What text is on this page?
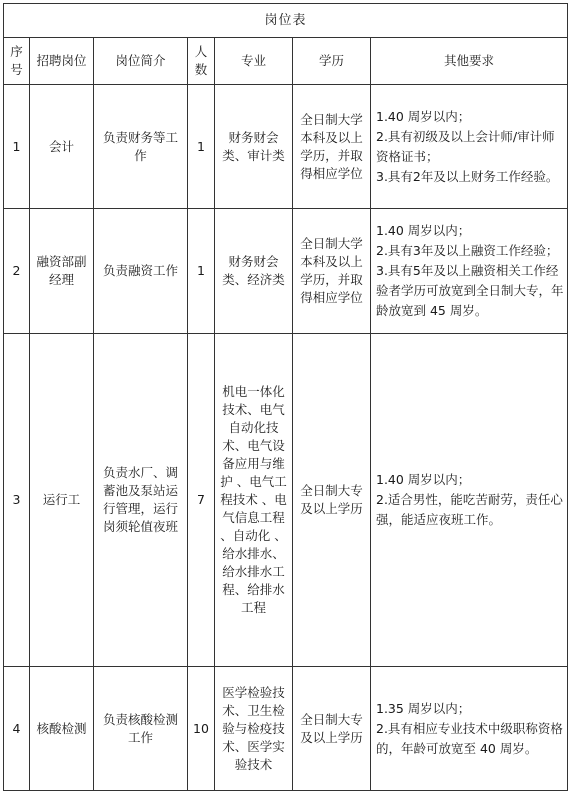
岗位表						
序号	招聘岗位	岗位简介	人数	专业	学历	其他要求
1	会计	负责财务等工作	1	财务财会类、审计类	全日制大学本科及以上学历，并取得相应学位	1.40 周岁以内；
2.具有初级及以上会计师/审计师资格证书；
3.具有2年及以上财务工作经验。

2	融资部副经理	负责融资工作	1	财务财会类、经济类	全日制大学本科及以上学历，并取得相应学位	1.40 周岁以内；
2.具有3年及以上融资工作经验；
3.具有5年及以上融资相关工作经验者学历可放宽到全日制大专，年龄放宽到 45 周岁。

3	运行工	负责水厂、调蓄池及泵站运行管理，运行岗须轮值夜班	7	机电一体化技术、电气自动化技术、电气设备应用与维护 、电气工程技术 、电气信息工程 、自动化 、给水排水、给水排水工程、给排水工程	全日制大专及以上学历	1.40 周岁以内；
2.适合男性，能吃苦耐劳，责任心强，能适应夜班工作。

4	核酸检测	负责核酸检测工作	10	医学检验技术、卫生检验与检疫技术、医学实验技术	全日制大专及以上学历	1.35 周岁以内；
2.具有相应专业技术中级职称资格的，年龄可放宽至 40 周岁。
